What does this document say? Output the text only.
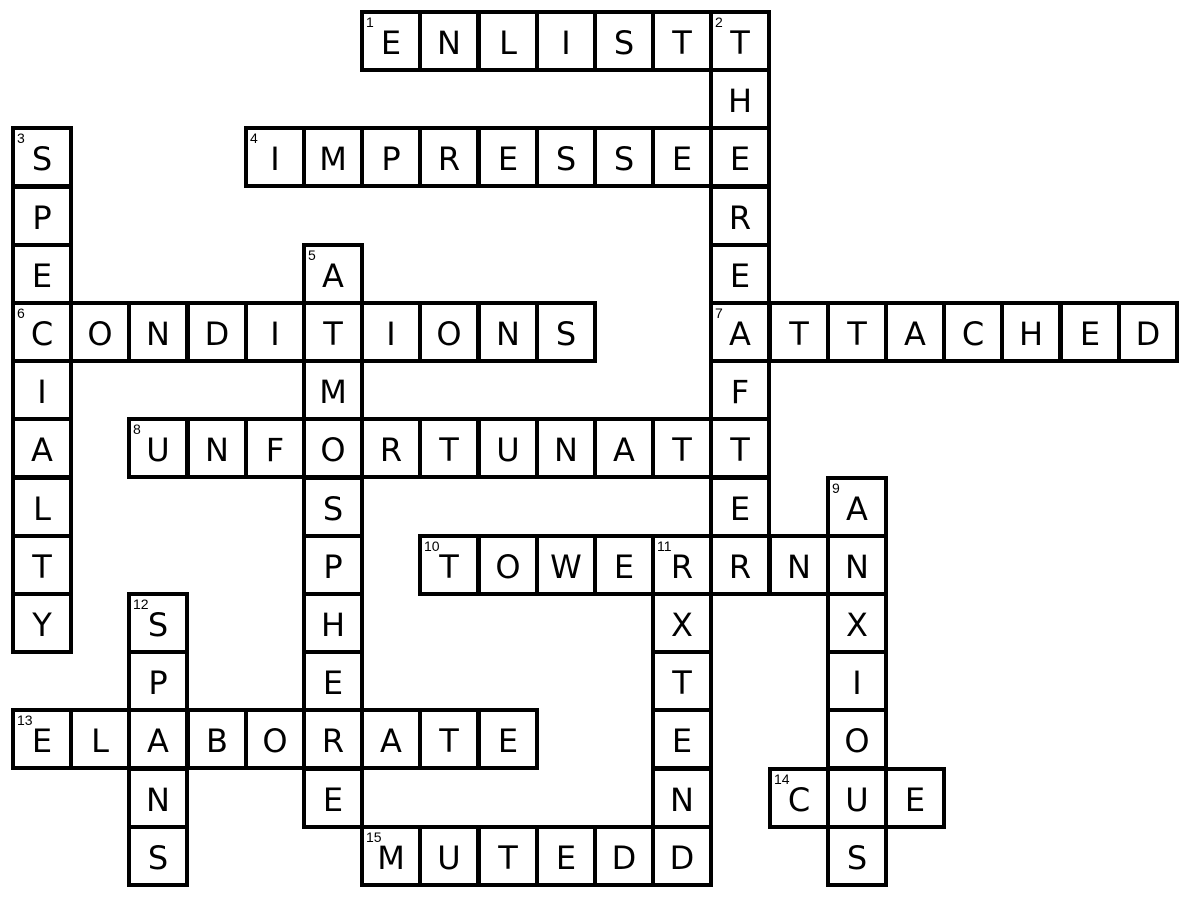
E
1
N	L	I	S	T	T
2
H
E
R
E
A
7
F
T
E
R
S
3
P
E
C
6
I
A
L
T
Y
I
4
M	P	R	E	S	S	E
A
5
T
M
O
S
P
H
E
R
E
O	N	D	I	I	O	N	S	T	T	A	C	H	E	D
U
8
N	F	R	T	U	N	A	T
A
9
N
X
I
O
U
S
T
10
O W	E	R
11
N
X
T
E
N
D
S
12
P
A
N
S
E
13
L	B	O	A	T	E
C
14
E
M
15
U	T	E	D
